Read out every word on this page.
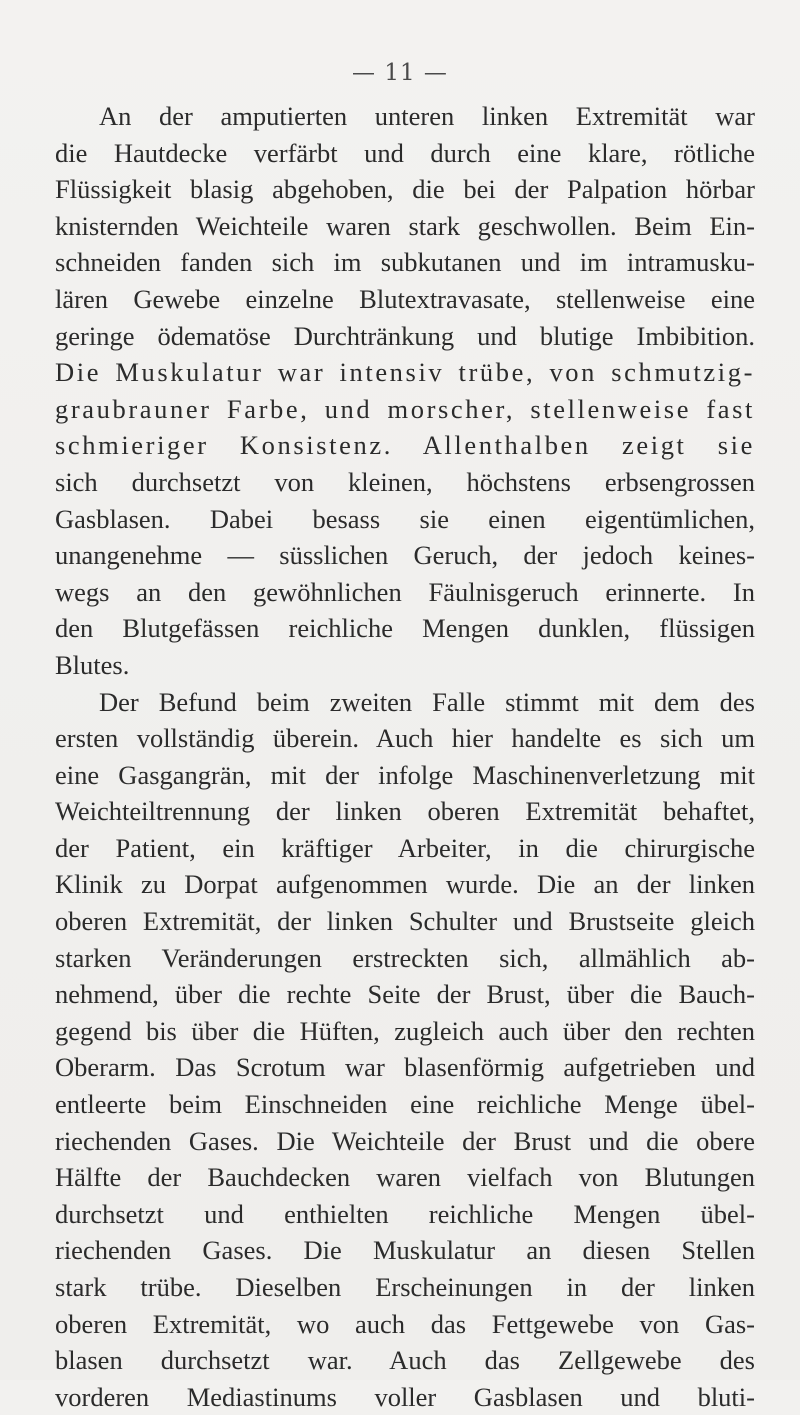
— 11 —
An der amputierten unteren linken Extremität war
die Hautdecke verfärbt und durch eine klare, rötliche
Flüssigkeit blasig abgehoben, die bei der Palpation hörbar
knisternden Weichteile waren stark geschwollen. Beim Ein-
schneiden fanden sich im subkutanen und im intramusku-
lären Gewebe einzelne Blutextravasate, stellenweise eine
geringe ödematöse Durchtränkung und blutige Imbibition.
Die Muskulatur war intensiv trübe, von schmutzig-
graubrauner Farbe, und morscher, stellenweise fast
schmieriger Konsistenz. Allenthalben zeigt sie
sich durchsetzt von kleinen, höchstens erbsengrossen
Gasblasen. Dabei besass sie einen eigentümlichen,
unangenehme — süsslichen Geruch, der jedoch keines-
wegs an den gewöhnlichen Fäulnisgeruch erinnerte. In
den Blutgefässen reichliche Mengen dunklen, flüssigen
Blutes.
Der Befund beim zweiten Falle stimmt mit dem des
ersten vollständig überein. Auch hier handelte es sich um
eine Gasgangrän, mit der infolge Maschinenverletzung mit
Weichteiltrennung der linken oberen Extremität behaftet,
der Patient, ein kräftiger Arbeiter, in die chirurgische
Klinik zu Dorpat aufgenommen wurde. Die an der linken
oberen Extremität, der linken Schulter und Brustseite gleich
starken Veränderungen erstreckten sich, allmählich ab-
nehmend, über die rechte Seite der Brust, über die Bauch-
gegend bis über die Hüften, zugleich auch über den rechten
Oberarm. Das Scrotum war blasenförmig aufgetrieben und
entleerte beim Einschneiden eine reichliche Menge übel-
riechenden Gases. Die Weichteile der Brust und die obere
Hälfte der Bauchdecken waren vielfach von Blutungen
durchsetzt und enthielten reichliche Mengen übel-
riechenden Gases. Die Muskulatur an diesen Stellen
stark trübe. Dieselben Erscheinungen in der linken
oberen Extremität, wo auch das Fettgewebe von Gas-
blasen durchsetzt war. Auch das Zellgewebe des
vorderen Mediastinums voller Gasblasen und bluti-
